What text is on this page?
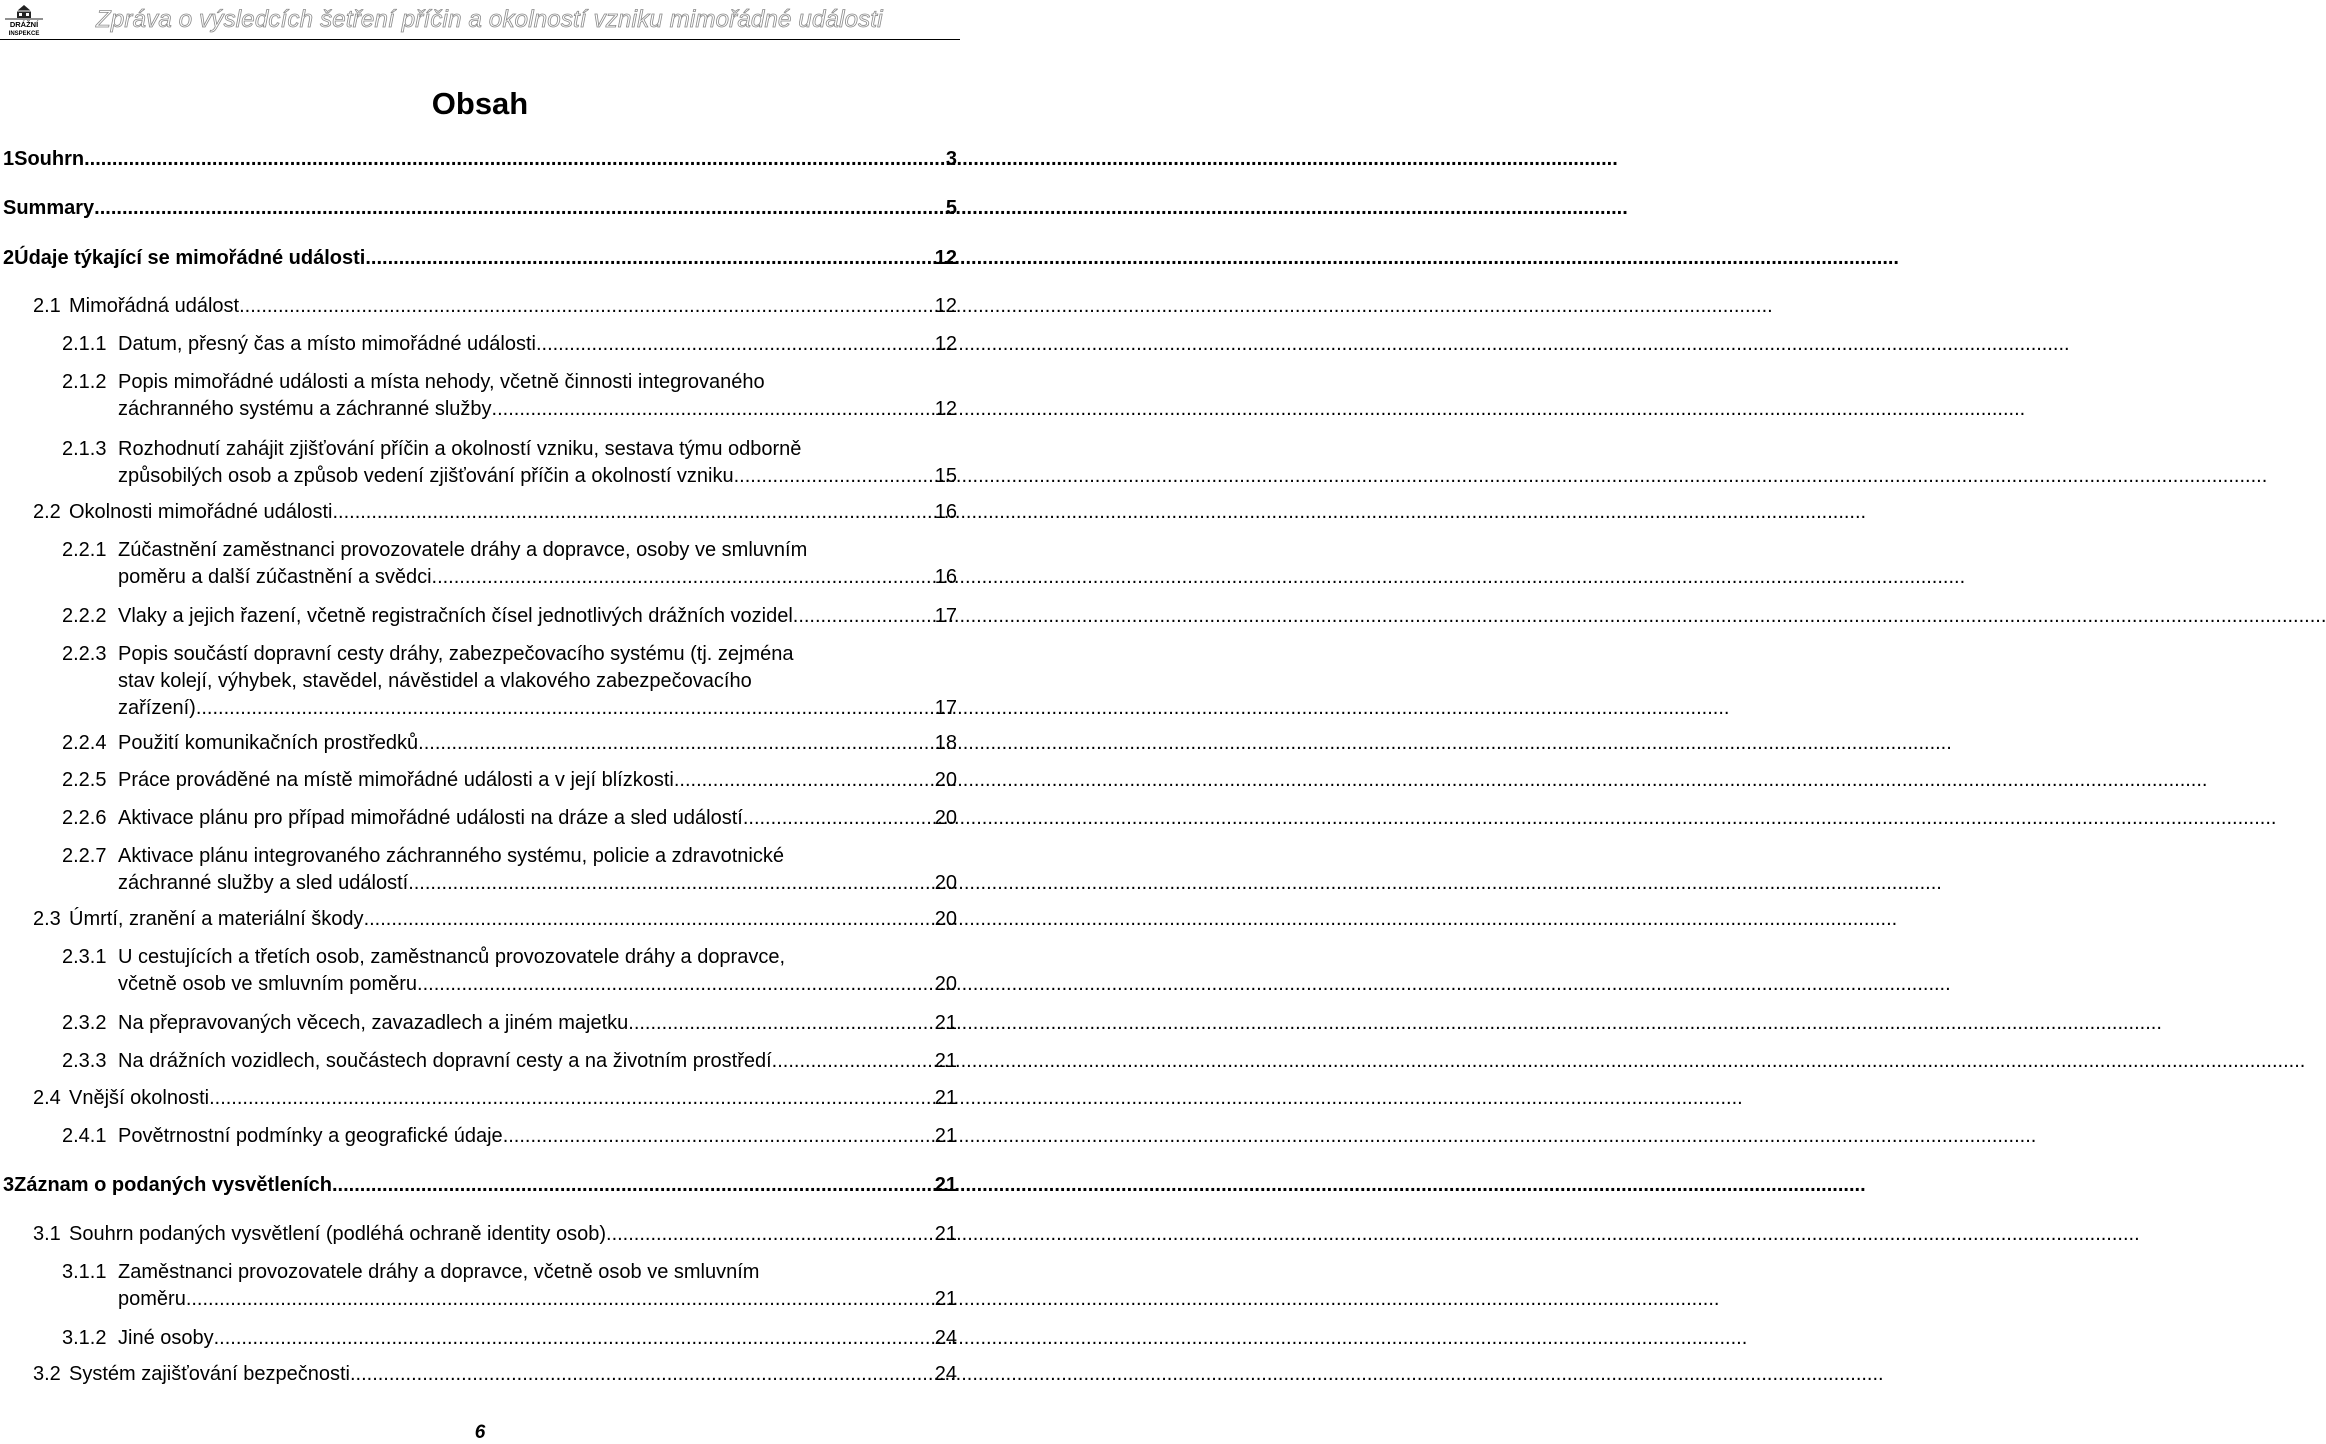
DRÁŽNÍ
INSPEKCE
Zpráva o výsledcích šetření příčin a okolností vzniku mimořádné události
Obsah
1 Souhrn .....	3
Summary .....	5
2 Údaje týkající se mimořádné události .....	12
2.1 Mimořádná událost .....	12
2.1.1 Datum, přesný čas a místo mimořádné události .....	12
2.1.2 Popis mimořádné události a místa nehody, včetně činnosti integrovaného
záchranného systému a záchranné služby .....	12
2.1.3 Rozhodnutí zahájit zjišťování příčin a okolností vzniku, sestava týmu odborně
způsobilých osob a způsob vedení zjišťování příčin a okolností vzniku .....	15
2.2 Okolnosti mimořádné události .....	16
2.2.1 Zúčastnění zaměstnanci provozovatele dráhy a dopravce, osoby ve smluvním
poměru a další zúčastnění a svědci .....	16
2.2.2 Vlaky a jejich řazení, včetně registračních čísel jednotlivých drážních vozidel .....	17
2.2.3 Popis součástí dopravní cesty dráhy, zabezpečovacího systému (tj. zejména
stav kolejí, výhybek, stavědel, návěstidel a vlakového zabezpečovacího
zařízení) .....	17
2.2.4 Použití komunikačních prostředků .....	18
2.2.5 Práce prováděné na místě mimořádné události a v její blízkosti .....	20
2.2.6 Aktivace plánu pro případ mimořádné události na dráze a sled událostí .....	20
2.2.7 Aktivace plánu integrovaného záchranného systému, policie a zdravotnické
záchranné služby a sled událostí .....	20
2.3 Úmrtí, zranění a materiální škody .....	20
2.3.1 U cestujících a třetích osob, zaměstnanců provozovatele dráhy a dopravce,
včetně osob ve smluvním poměru .....	20
2.3.2 Na přepravovaných věcech, zavazadlech a jiném majetku .....	21
2.3.3 Na drážních vozidlech, součástech dopravní cesty a na životním prostředí .....	21
2.4 Vnější okolnosti .....	21
2.4.1 Povětrnostní podmínky a geografické údaje .....	21
3 Záznam o podaných vysvětleních .....	21
3.1 Souhrn podaných vysvětlení (podléhá ochraně identity osob) .....	21
3.1.1 Zaměstnanci provozovatele dráhy a dopravce, včetně osob ve smluvním
poměru .....	21
3.1.2 Jiné osoby .....	24
3.2 Systém zajišťování bezpečnosti .....	24
6
